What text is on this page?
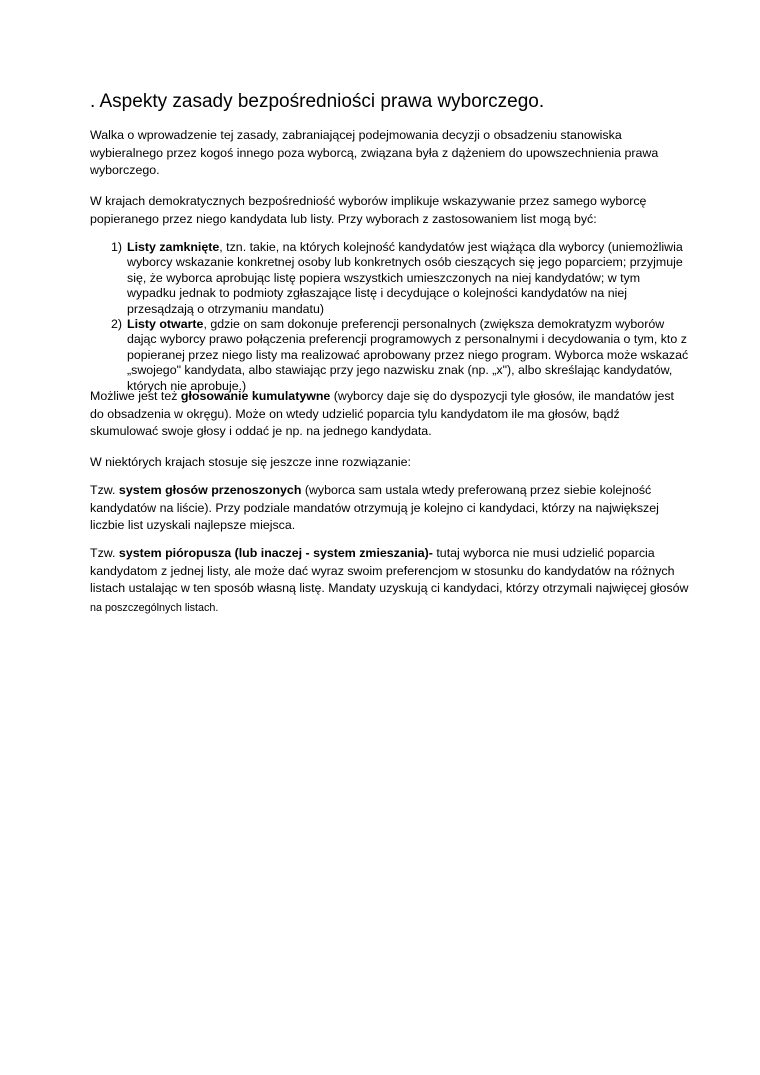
. Aspekty zasady bezpośredniości prawa wyborczego.

Walka o wprowadzenie tej zasady, zabraniającej podejmowania decyzji o obsadzeniu stanowiska wybieralnego przez kogoś innego poza wyborcą, związana była z dążeniem do upowszechnienia prawa wyborczego.

W krajach demokratycznych bezpośredniość wyborów implikuje wskazywanie przez samego wyborcę popieranego przez niego kandydata lub listy. Przy wyborach z zastosowaniem list mogą być:

1) Listy zamknięte, tzn. takie, na których kolejność kandydatów jest wiążąca dla wyborcy (uniemożliwia wyborcy wskazanie konkretnej osoby lub konkretnych osób cieszących się jego poparciem; przyjmuje się, że wyborca aprobując listę popiera wszystkich umieszczonych na niej kandydatów; w tym wypadku jednak to podmioty zgłaszające listę i decydujące o kolejności kandydatów na niej przesądzają o otrzymaniu mandatu)

2) Listy otwarte, gdzie on sam dokonuje preferencji personalnych (zwiększa demokratyzm wyborów dając wyborcy prawo połączenia preferencji programowych z personalnymi i decydowania o tym, kto z popieranej przez niego listy ma realizować aprobowany przez niego program. Wyborca może wskazać „swojego" kandydata, albo stawiając przy jego nazwisku znak (np. „x"), albo skreślając kandydatów, których nie aprobuje.)

Możliwe jest też głosowanie kumulatywne (wyborcy daje się do dyspozycji tyle głosów, ile mandatów jest do obsadzenia w okręgu). Może on wtedy udzielić poparcia tylu kandydatom ile ma głosów, bądź skumulować swoje głosy i oddać je np. na jednego kandydata.

W niektórych krajach stosuje się jeszcze inne rozwiązanie:

Tzw. system głosów przenoszonych (wyborca sam ustala wtedy preferowaną przez siebie kolejność kandydatów na liście). Przy podziale mandatów otrzymują je kolejno ci kandydaci, którzy na największej liczbie list uzyskali najlepsze miejsca.

Tzw. system pióropusza (lub inaczej - system zmieszania)- tutaj wyborca nie musi udzielić poparcia kandydatom z jednej listy, ale może dać wyraz swoim preferencjom w stosunku do kandydatów na różnych listach ustalając w ten sposób własną listę. Mandaty uzyskują ci kandydaci, którzy otrzymali najwięcej głosów na poszczególnych listach.
